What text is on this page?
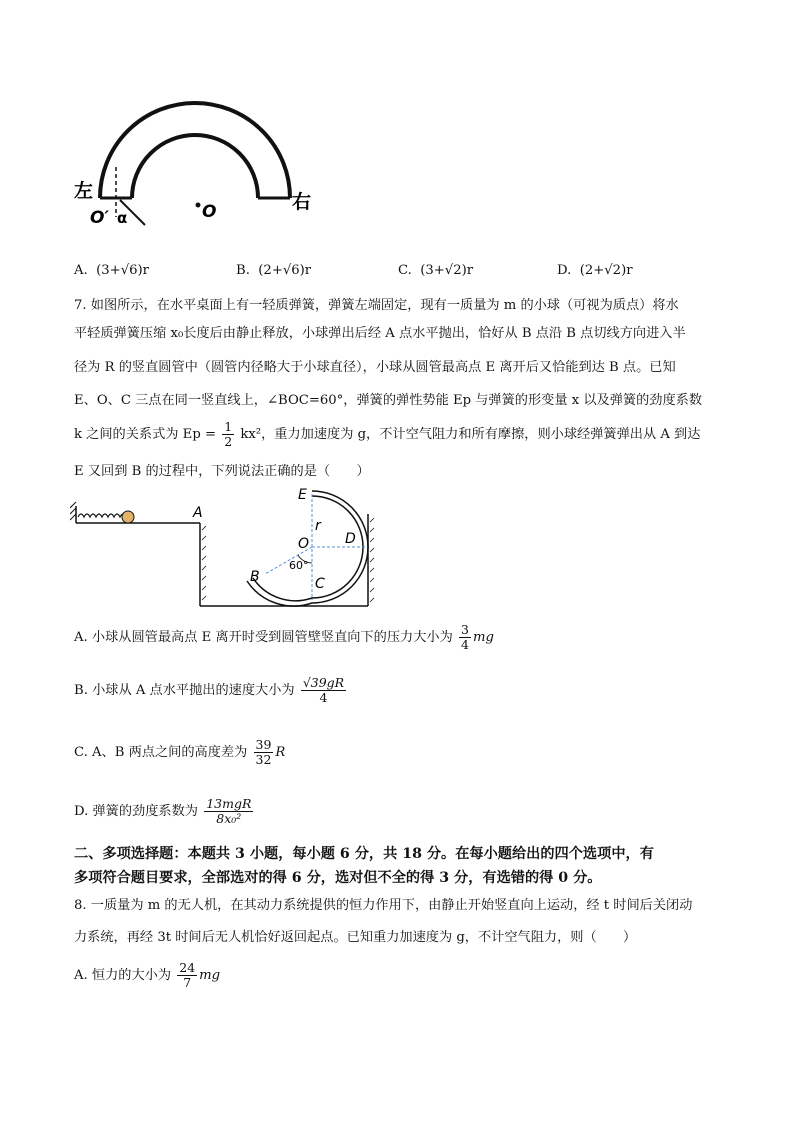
左	右
O′ α	O
A. (3+√6)r	B. (2+√6)r	C. (3+√2)r	D. (2+√2)r
7. 如图所示，在水平桌面上有一轻质弹簧，弹簧左端固定，现有一质量为 m 的小球（可视为质点）将水
平轻质弹簧压缩 x₀长度后由静止释放，小球弹出后经 A 点水平抛出，恰好从 B 点沿 B 点切线方向进入半
径为 R 的竖直圆管中（圆管内径略大于小球直径），小球从圆管最高点 E 离开后又恰能到达 B 点。已知
E、O、C 三点在同一竖直线上，∠BOC=60°，弹簧的弹性势能 Ep 与弹簧的形变量 x 以及弹簧的劲度系数
k 之间的关系式为 $Ep = \frac{1}{2} kx^2$，重力加速度为 g，不计空气阻力和所有摩擦，则小球经弹簧弹出从 A 到达
E 又回到 B 的过程中，下列说法正确的是（　　）
A
E
r
O	D
B
60°
C
A. 小球从圆管最高点 E 离开时受到圆管壁竖直向下的压力大小为 $\frac{3}{4}$ mg
B. 小球从 A 点水平抛出的速度大小为 $\frac{√39gR}{4}$
C. A、B 两点之间的高度差为 $\frac{39}{32}$ R
D. 弹簧的劲度系数为 $\frac{\text{13mgR}}{\text{8x₀²}}$
二、多项选择题：本题共 3 小题，每小题 6 分，共 18 分。在每小题给出的四个选项中，有
多项符合题目要求，全部选对的得 6 分，选对但不全的得 3 分，有选错的得 0 分。
8. 一质量为 m 的无人机，在其动力系统提供的恒力作用下，由静止开始竖直向上运动，经 t 时间后关闭动
力系统，再经 3t 时间后无人机恰好返回起点。已知重力加速度为 g，不计空气阻力，则（　　）
A. 恒力的大小为 $\frac{24}{7}$ mg
